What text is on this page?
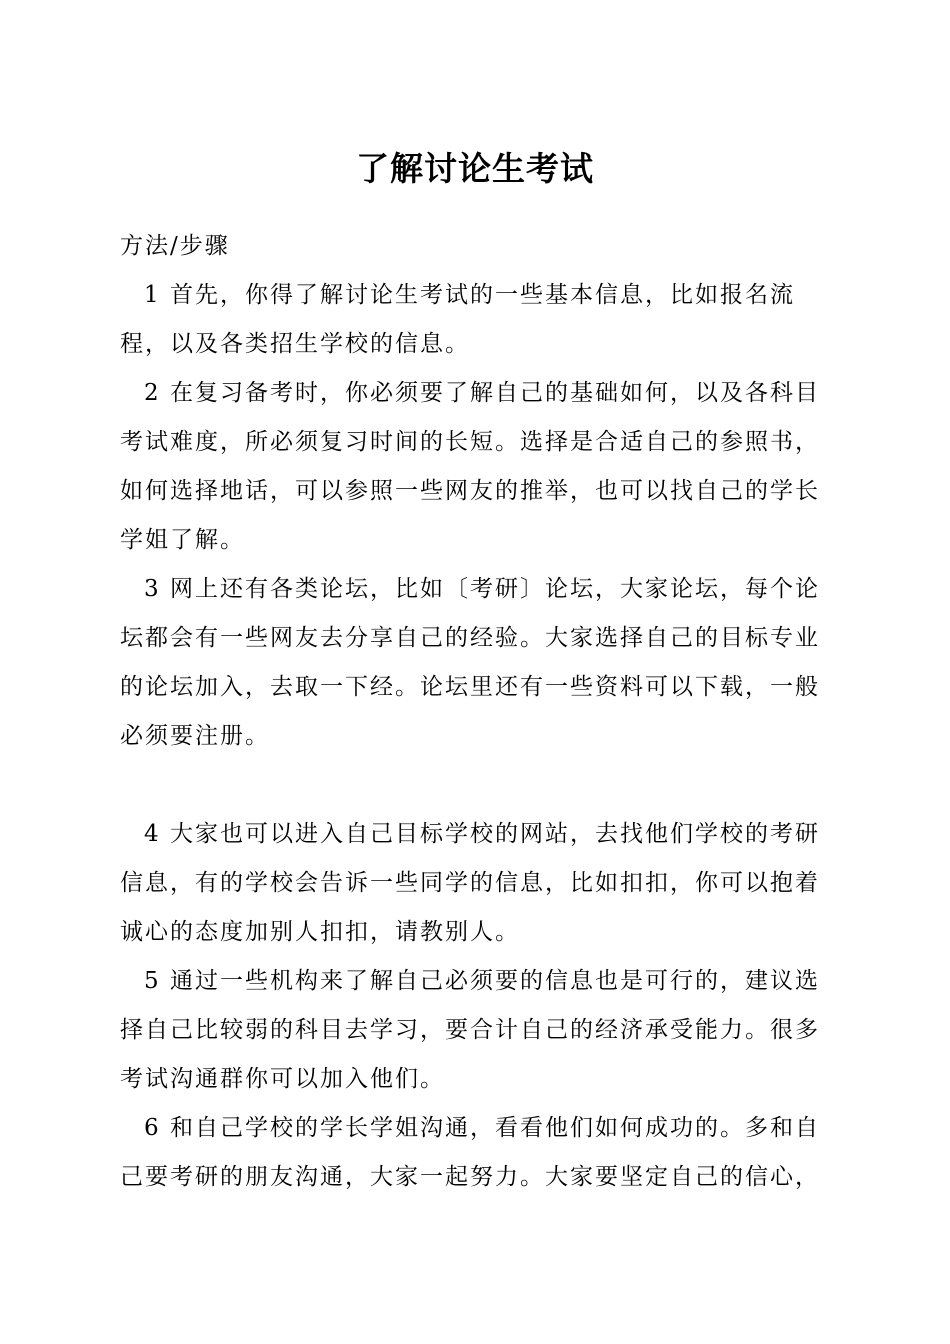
了解讨论生考试

方法/步骤

1 首先，你得了解讨论生考试的一些基本信息，比如报名流程，以及各类招生学校的信息。

2 在复习备考时，你必须要了解自己的基础如何，以及各科目考试难度，所必须复习时间的长短。选择是合适自己的参照书，如何选择地话，可以参照一些网友的推举，也可以找自己的学长学姐了解。

3 网上还有各类论坛，比如〔考研〕论坛，大家论坛，每个论坛都会有一些网友去分享自己的经验。大家选择自己的目标专业的论坛加入，去取一下经。论坛里还有一些资料可以下载，一般必须要注册。

4 大家也可以进入自己目标学校的网站，去找他们学校的考研信息，有的学校会告诉一些同学的信息，比如扣扣，你可以抱着诚心的态度加别人扣扣，请教别人。

5 通过一些机构来了解自己必须要的信息也是可行的，建议选择自己比较弱的科目去学习，要合计自己的经济承受能力。很多考试沟通群你可以加入他们。

6 和自己学校的学长学姐沟通，看看他们如何成功的。多和自己要考研的朋友沟通，大家一起努力。大家要坚定自己的信心，
